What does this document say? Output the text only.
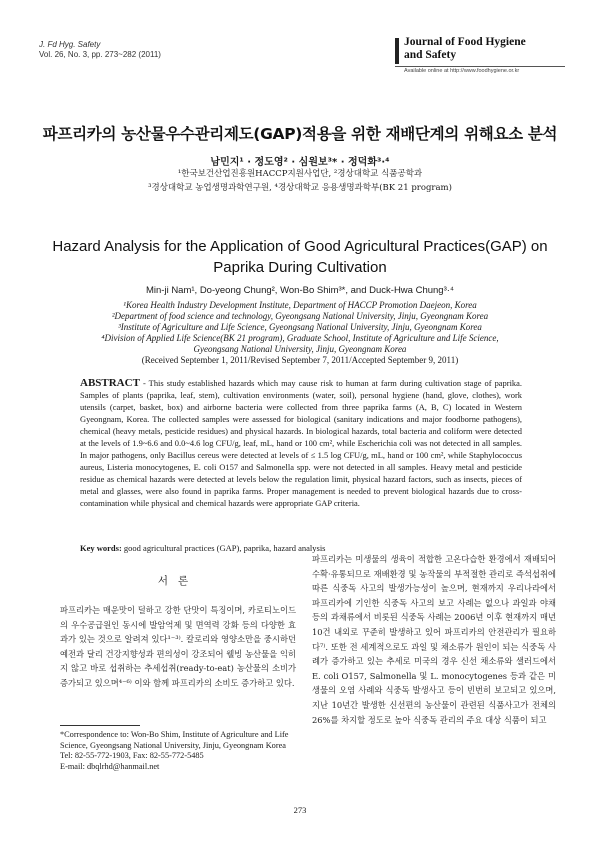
J. Fd Hyg. Safety
Vol. 26, No. 3, pp. 273~282 (2011)
Journal of Food Hygiene
and Safety
Available online at http://www.foodhygiene.or.kr
파프리카의 농산물우수관리제도(GAP)적용을 위한 재배단계의 위해요소 분석
남민지¹ · 정도영² · 심원보³* · 정덕화³·⁴
¹한국보건산업진흥원HACCP지원사업단, ²경상대학교 식품공학과
³경상대학교 농업생명과학연구원, ⁴경상대학교 응용생명과학부(BK 21 program)
Hazard Analysis for the Application of Good Agricultural Practices(GAP) on
Paprika During Cultivation
Min-ji Nam¹, Do-yeong Chung², Won-Bo Shim³*, and Duck-Hwa Chung³·⁴
¹Korea Health Industry Development Institute, Department of HACCP Promotion Daejeon, Korea
²Department of food science and technology, Gyeongsang National University, Jinju, Gyeongnam Korea
³Institute of Agriculture and Life Science, Gyeongsang National University, Jinju, Gyeongnam Korea
⁴Division of Applied Life Science(BK 21 program), Graduate School, Institute of Agriculture and Life Science,
Gyeongsang National University, Jinju, Gyeongnam Korea
(Received September 1, 2011/Revised September 7, 2011/Accepted September 9, 2011)
ABSTRACT - This study established hazards which may cause risk to human at farm during cultivation stage of paprika. Samples of plants (paprika, leaf, stem), cultivation environments (water, soil), personal hygiene (hand, glove, clothes), work utensils (carpet, basket, box) and airborne bacteria were collected from three paprika farms (A, B, C) located in Western Gyeongnam, Korea. The collected samples were assessed for biological (sanitary indications and major foodborne pathogens), chemical (heavy metals, pesticide residues) and physical hazards. In biological hazards, total bacteria and coliform were detected at the levels of 1.9~6.6 and 0.0~4.6 log CFU/g, leaf, mL, hand or 100 cm², while Escherichia coli was not detected in all samples. In major pathogens, only Bacillus cereus were detected at levels of ≤ 1.5 log CFU/g, mL, hand or 100 cm², while Staphylococcus aureus, Listeria monocytogenes, E. coli O157 and Salmonella spp. were not detected in all samples. Heavy metal and pesticide residue as chemical hazards were detected at levels below the regulation limit, physical hazard factors, such as insects, pieces of metal and glasses, were also found in paprika farms. Proper management is needed to prevent biological hazards due to cross-contamination while physical and chemical hazards were appropriate GAP criteria.
Key words: good agricultural practices (GAP), paprika, hazard analysis
서론
파프리카는 매운맛이 덜하고 강한 단맛이 특징이며, 카로티노이드의 우수공급원인 동시에 발암억제 및 면역력 강화 등의 다양한 효과가 있는 것으로 알려져 있다¹⁻³⁾. 칼로리와 영양소만을 중시하던 예전과 달리 건강지향성과 편의성이 강조되어 웰빙 농산물을 익히지 않고 바로 섭취하는 추세섭취(ready-to-eat) 농산물의 소비가 증가되고 있으며⁴⁻⁶⁾ 이와 함께 파프리카의 소비도 증가하고 있다.
파프리카는 미생물의 생육이 적합한 고온다습한 환경에서 재배되어 수확·유통되므로 재배환경 및 농작물의 부적절한 관리로 즉석섭취에 따른 식중독 사고의 발생가능성이 높으며, 현재까지 우리나라에서 파프리카에 기인한 식중독 사고의 보고 사례는 없으나 과일과 야채 등의 과채류에서 비롯된 식중독 사례는 2006년 이후 현재까지 매년 10건 내외로 꾸준히 발생하고 있어 파프리카의 안전관리가 필요하다⁷⁾. 또한 전 세계적으로도 과일 및 채소류가 원인이 되는 식중독 사례가 증가하고 있는 추세로 미국의 경우 신선 채소류와 샐러드에서 E. coli O157, Salmonella 및 L. monocytogenes 등과 같은 미생물의 오염 사례와 식중독 발생사고 등이 빈번히 보고되고 있으며, 지난 10년간 발생한 신선편의 농산물이 관련된 식품사고가 전체의 26%를 차지할 정도로 높아 식중독 관리의 주요 대상 식품이 되고
*Correspondence to: Won-Bo Shim, Institute of Agriculture and Life Science, Gyeongsang National University, Jinju, Gyeongnam Korea
Tel: 82-55-772-1903, Fax: 82-55-772-5485
E-mail: dbqlrhd@hanmail.net
273
